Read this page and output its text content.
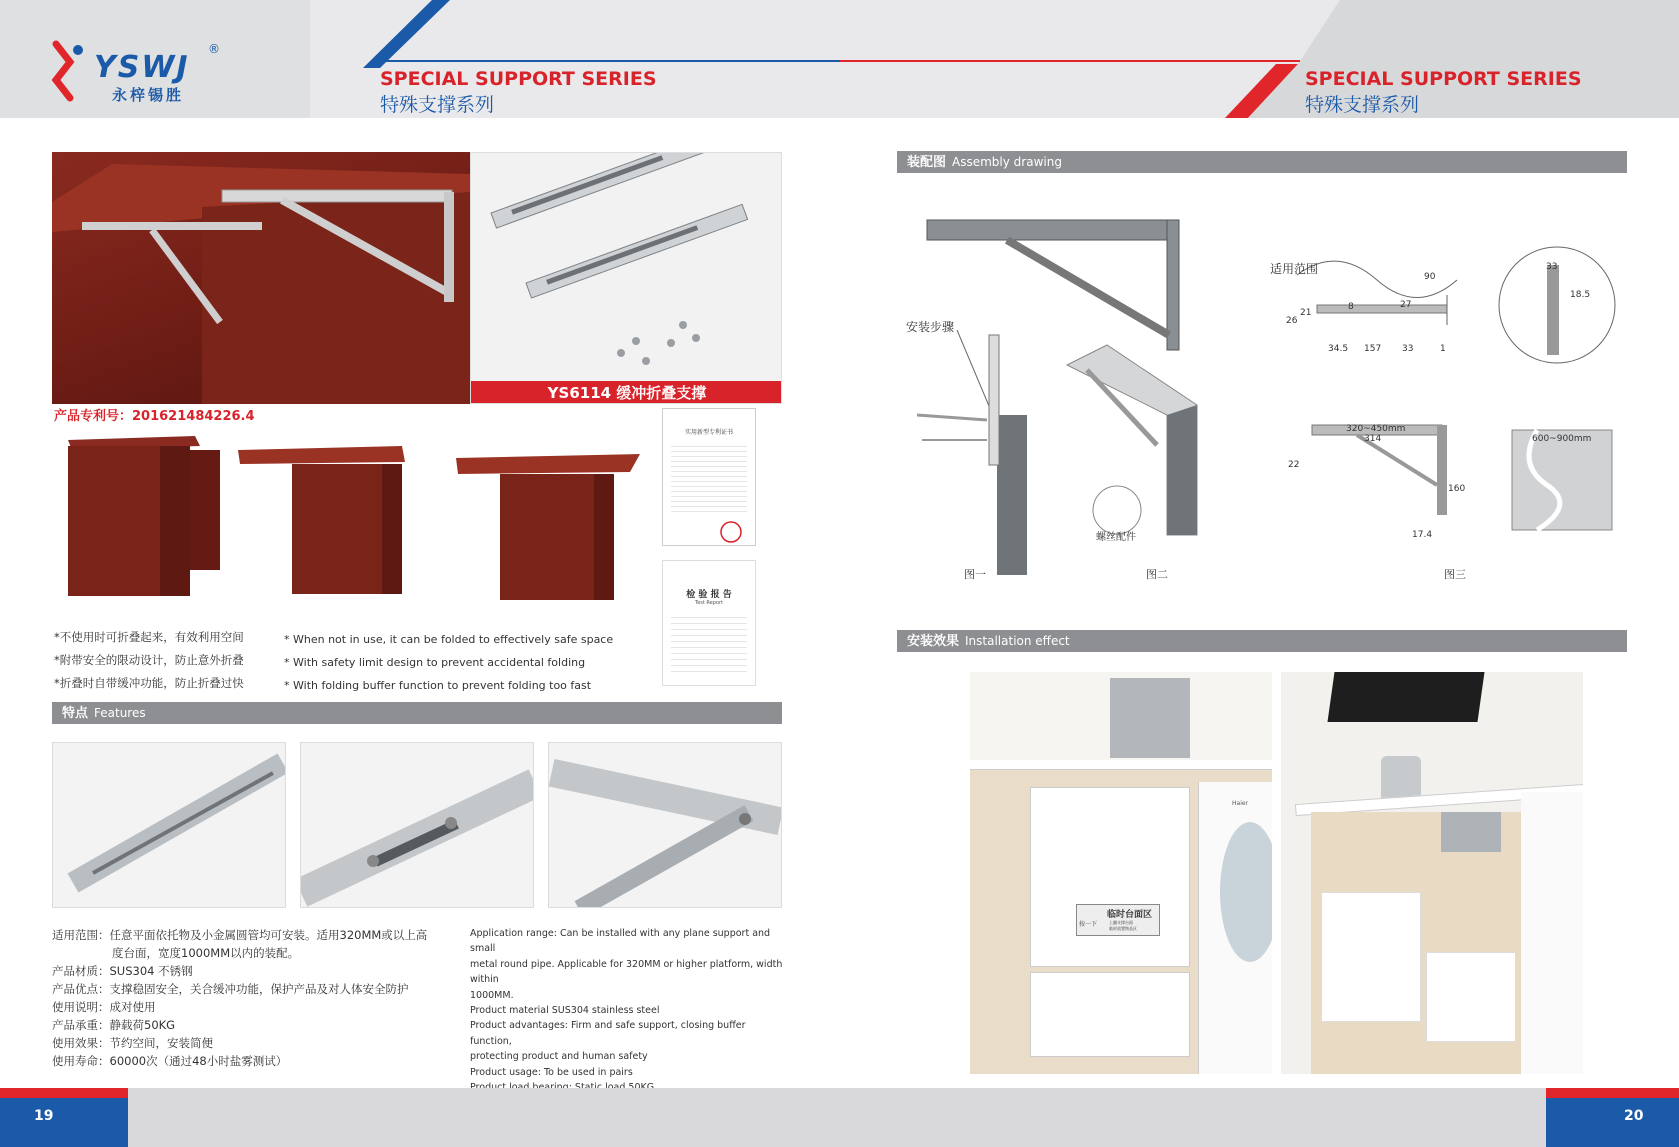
YSWJ
®
永梓锡胜
SPECIAL SUPPORT SERIES
特殊支撑系列
SPECIAL SUPPORT SERIES
特殊支撑系列
YS6114 缓冲折叠支撑
产品专利号：201621484226.4
实用新型专利证书
检 验 报 告
Test Report
*不使用时可折叠起来，有效利用空间
*附带安全的限动设计，防止意外折叠
*折叠时自带缓冲功能，防止折叠过快
* When not in use, it can be folded to effectively safe space
* With safety limit design to prevent accidental folding
* With folding buffer function to prevent folding too fast
特点 Features
适用范围：任意平面依托物及小金属圆管均可安装。适用320MM或以上高
度台面，宽度1000MM以内的装配。
产品材质：SUS304 不锈钢
产品优点：支撑稳固安全，关合缓冲功能，保护产品及对人体安全防护
使用说明：成对使用
产品承重：静载荷50KG
使用效果：节约空间，安装简便
使用寿命：60000次（通过48小时盐雾测试）
Application range: Can be installed with any plane support and small
metal round pipe. Applicable for 320MM or higher platform, width within
1000MM.
Product material SUS304 stainless steel
Product advantages: Firm and safe support, closing buffer function,
protecting product and human safety
Product usage: To be used in pairs
装配图 Assembly drawing
安装步骤
适用范围
螺丝配件
图一	图二	图三
90
8	27
26
21
34.5 157 33	1
33
18.5
320~450mm
314
22
160
17.4
600~900mm
安装效果 Installation effect
Haier
按一下
临时台面区
上翻支撑台面
临时放置物品区
19	20
